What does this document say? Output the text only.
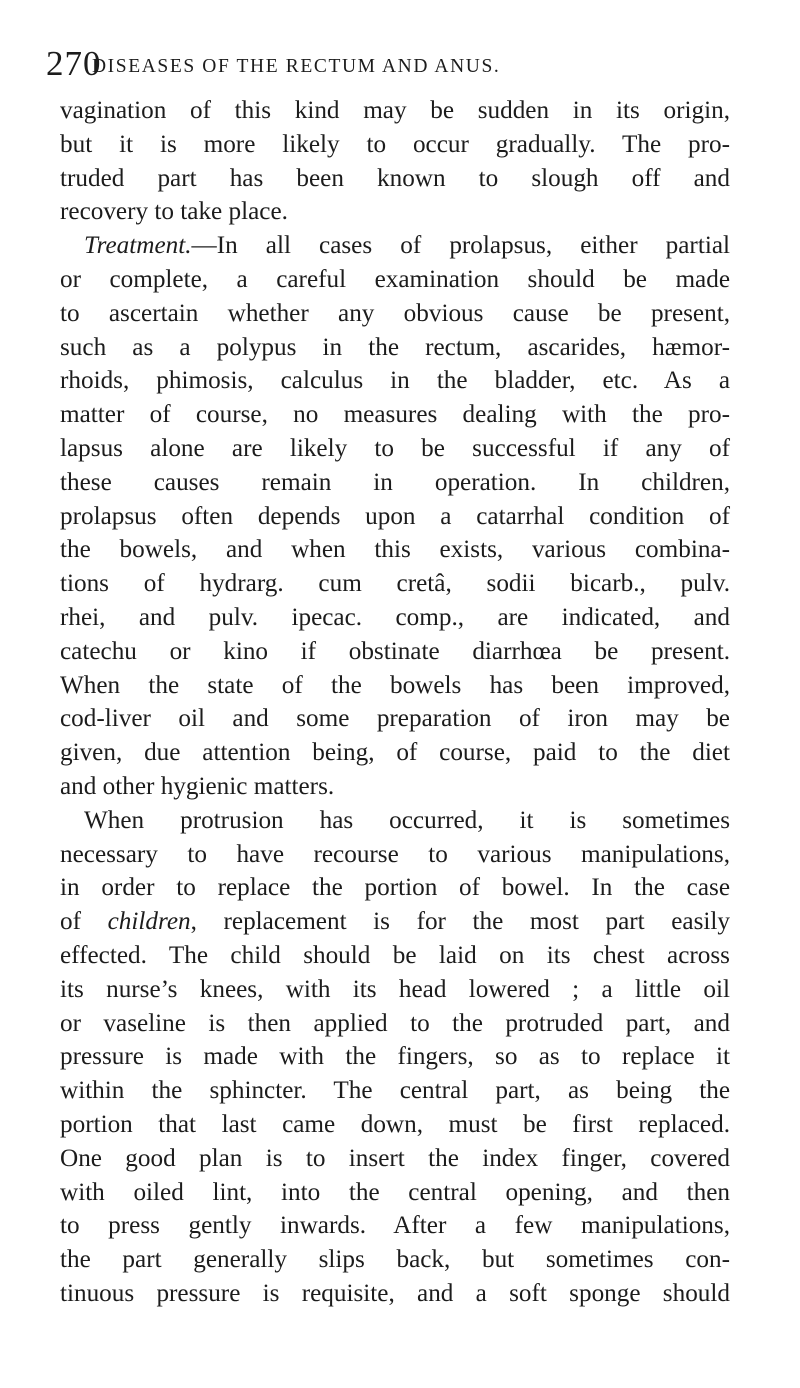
270
DISEASES OF THE RECTUM AND ANUS.
vagination of this kind may be sudden in its origin,
but it is more likely to occur gradually. The pro-
truded part has been known to slough off and
recovery to take place.
Treatment.—In all cases of prolapsus, either partial
or complete, a careful examination should be made
to ascertain whether any obvious cause be present,
such as a polypus in the rectum, ascarides, hæmor-
rhoids, phimosis, calculus in the bladder, etc. As a
matter of course, no measures dealing with the pro-
lapsus alone are likely to be successful if any of
these causes remain in operation. In children,
prolapsus often depends upon a catarrhal condition of
the bowels, and when this exists, various combina-
tions of hydrarg. cum cretâ, sodii bicarb., pulv.
rhei, and pulv. ipecac. comp., are indicated, and
catechu or kino if obstinate diarrhœa be present.
When the state of the bowels has been improved,
cod-liver oil and some preparation of iron may be
given, due attention being, of course, paid to the diet
and other hygienic matters.
When protrusion has occurred, it is sometimes
necessary to have recourse to various manipulations,
in order to replace the portion of bowel. In the case
of children, replacement is for the most part easily
effected. The child should be laid on its chest across
its nurse’s knees, with its head lowered ; a little oil
or vaseline is then applied to the protruded part, and
pressure is made with the fingers, so as to replace it
within the sphincter. The central part, as being the
portion that last came down, must be first replaced.
One good plan is to insert the index finger, covered
with oiled lint, into the central opening, and then
to press gently inwards. After a few manipulations,
the part generally slips back, but sometimes con-
tinuous pressure is requisite, and a soft sponge should
